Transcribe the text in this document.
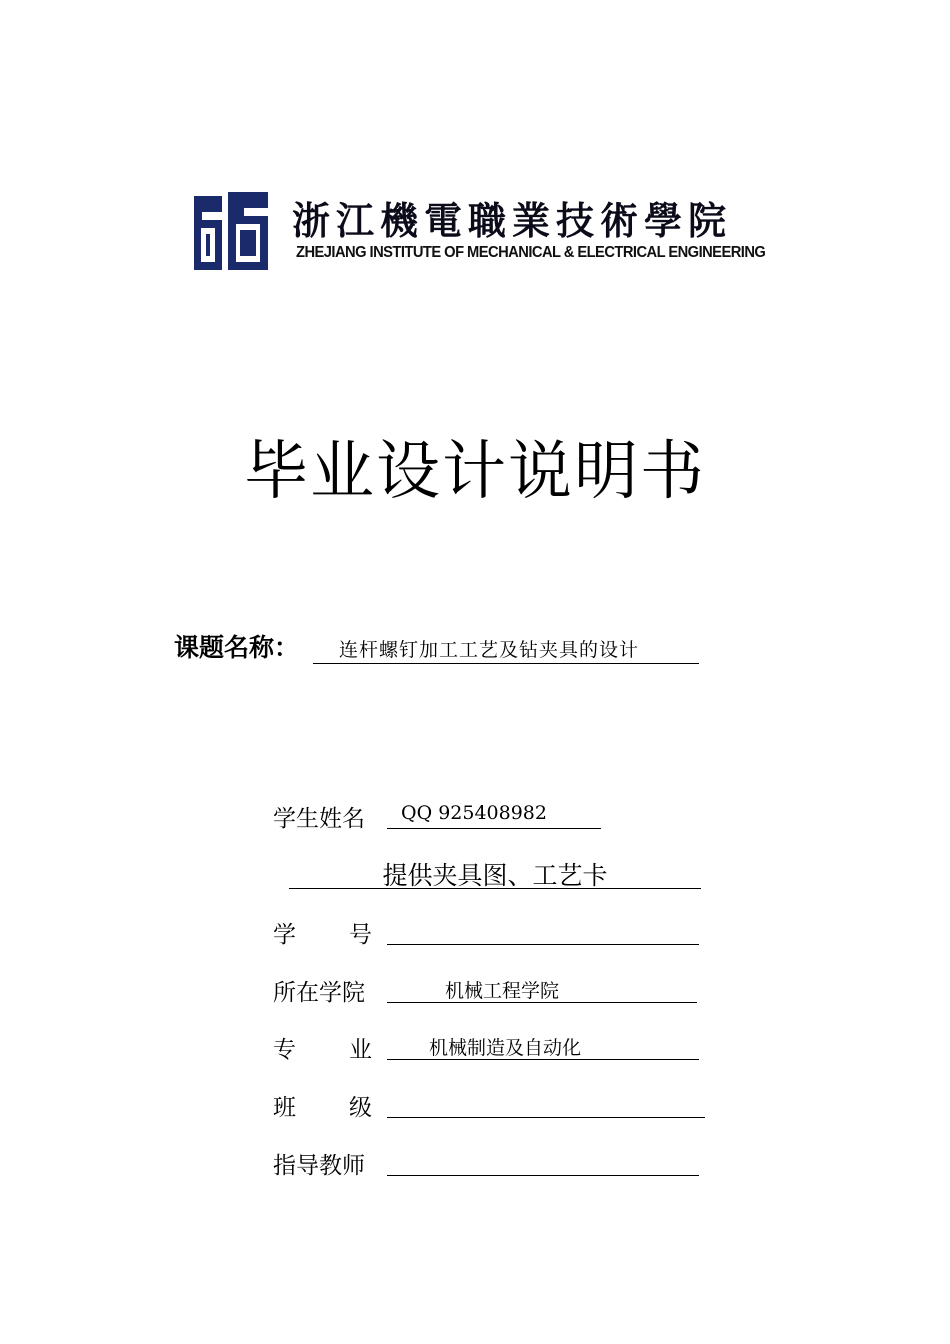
浙江機電職業技術學院
ZHEJIANG INSTITUTE OF MECHANICAL & ELECTRICAL ENGINEERING
毕业设计说明书
课题名称： 连杆螺钉加工工艺及钻夹具的设计
学生姓名	QQ 925408982
提供夹具图、工艺卡
学 号
所在学院	机械工程学院
专 业	机械制造及自动化
班 级
指导教师
